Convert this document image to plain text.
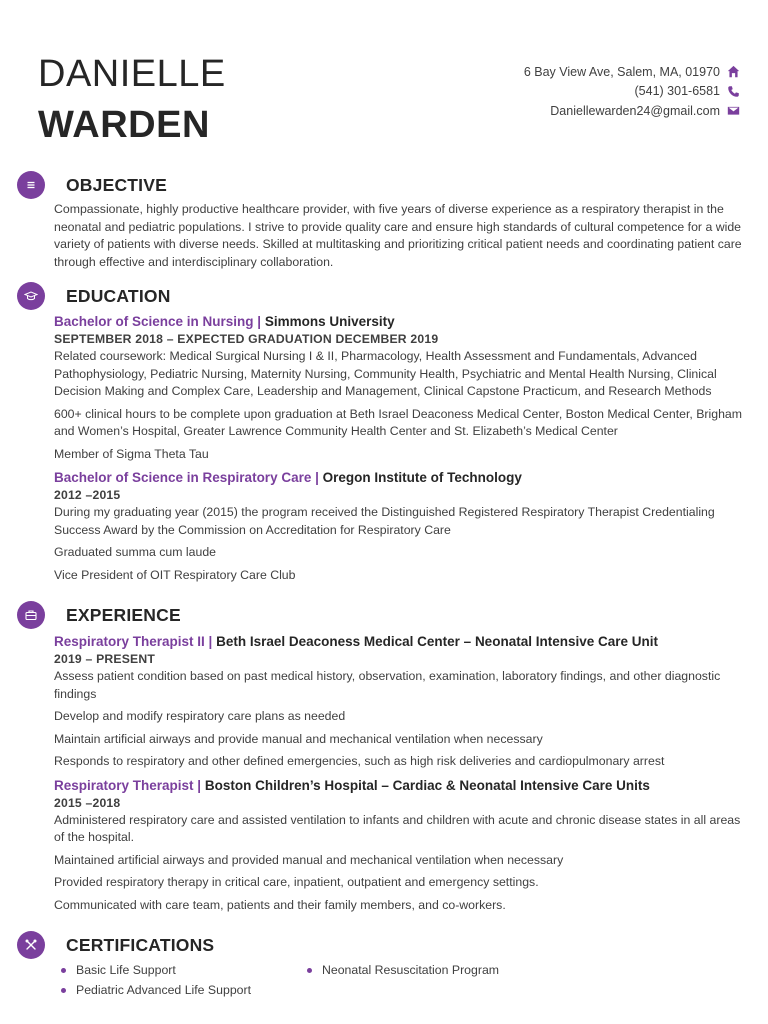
DANIELLE
WARDEN
6 Bay View Ave, Salem, MA, 01970
(541) 301-6581
Daniellewarden24@gmail.com
OBJECTIVE

Compassionate, highly productive healthcare provider, with five years of diverse experience as a respiratory therapist in the neonatal and pediatric populations. I strive to provide quality care and ensure high standards of cultural competence for a wide variety of patients with diverse needs. Skilled at multitasking and prioritizing critical patient needs and coordinating patient care through effective and interdisciplinary collaboration.

EDUCATION
Bachelor of Science in Nursing | Simmons University
SEPTEMBER 2018 – EXPECTED GRADUATION DECEMBER 2019

Related coursework: Medical Surgical Nursing I & II, Pharmacology, Health Assessment and Fundamentals, Advanced Pathophysiology, Pediatric Nursing, Maternity Nursing, Community Health, Psychiatric and Mental Health Nursing, Clinical Decision Making and Complex Care, Leadership and Management, Clinical Capstone Practicum, and Research Methods

600+ clinical hours to be complete upon graduation at Beth Israel Deaconess Medical Center, Boston Medical Center, Brigham and Women’s Hospital, Greater Lawrence Community Health Center and St. Elizabeth’s Medical Center

Member of Sigma Theta Tau

Bachelor of Science in Respiratory Care | Oregon Institute of Technology
2012 –2015

During my graduating year (2015) the program received the Distinguished Registered Respiratory Therapist Credentialing Success Award by the Commission on Accreditation for Respiratory Care

Graduated summa cum laude

Vice President of OIT Respiratory Care Club

EXPERIENCE
Respiratory Therapist II | Beth Israel Deaconess Medical Center – Neonatal Intensive Care Unit
2019 – PRESENT

Assess patient condition based on past medical history, observation, examination, laboratory findings, and other diagnostic findings

Develop and modify respiratory care plans as needed

Maintain artificial airways and provide manual and mechanical ventilation when necessary

Responds to respiratory and other defined emergencies, such as high risk deliveries and cardiopulmonary arrest

Respiratory Therapist | Boston Children’s Hospital – Cardiac & Neonatal Intensive Care Units
2015 –2018

Administered respiratory care and assisted ventilation to infants and children with acute and chronic disease states in all areas of the hospital.

Maintained artificial airways and provided manual and mechanical ventilation when necessary

Provided respiratory therapy in critical care, inpatient, outpatient and emergency settings.

Communicated with care team, patients and their family members, and co-workers.

CERTIFICATIONS
Basic Life Support
Pediatric Advanced Life Support
Neonatal Resuscitation Program
